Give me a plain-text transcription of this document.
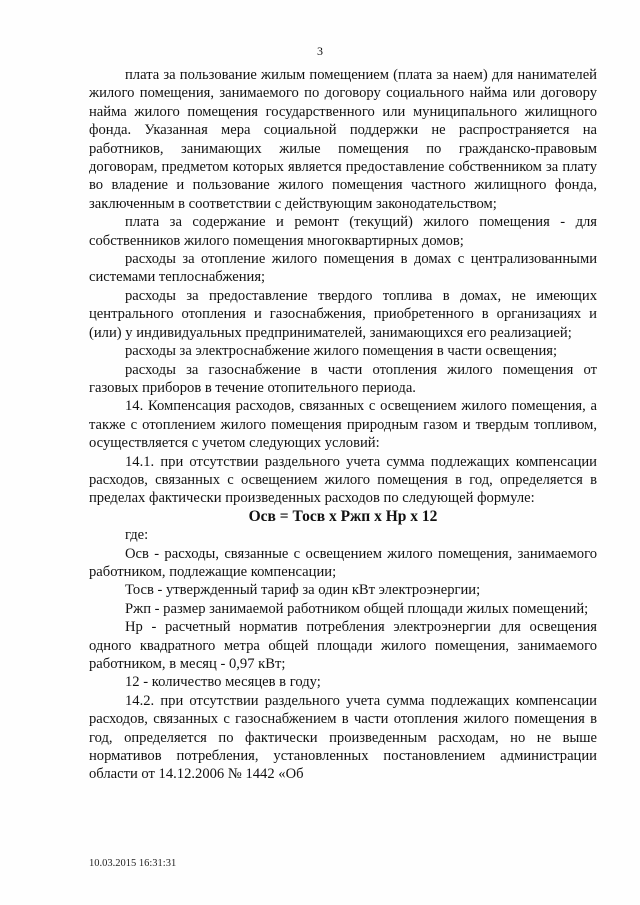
3

плата за пользование жилым помещением (плата за наем) для нанимателей жилого помещения, занимаемого по договору социального найма или договору найма жилого помещения государственного или муниципального жилищного фонда. Указанная мера социальной поддержки не распространяется на работников, занимающих жилые помещения по гражданско-правовым договорам, предметом которых является предоставление собственником за плату во владение и пользование жилого помещения частного жилищного фонда, заключенным в соответствии с действующим законодательством;

плата за содержание и ремонт (текущий) жилого помещения - для собственников жилого помещения многоквартирных домов;

расходы за отопление жилого помещения в домах с централизованными системами теплоснабжения;

расходы за предоставление твердого топлива в домах, не имеющих центрального отопления и газоснабжения, приобретенного в организациях и (или) у индивидуальных предпринимателей, занимающихся его реализацией;

расходы за электроснабжение жилого помещения в части освещения;

расходы за газоснабжение в части отопления жилого помещения от газовых приборов в течение отопительного периода.

14. Компенсация расходов, связанных с освещением жилого помещения, а также с отоплением жилого помещения природным газом и твердым топливом, осуществляется с учетом следующих условий:

14.1. при отсутствии раздельного учета сумма подлежащих компенсации расходов, связанных с освещением жилого помещения в год, определяется в пределах фактически произведенных расходов по следующей формуле:

Осв = Тосв х Ржп х Нр х 12

где:

Осв - расходы, связанные с освещением жилого помещения, занимаемого работником, подлежащие компенсации;

Тосв - утвержденный тариф за один кВт электроэнергии;

Ржп - размер занимаемой работником общей площади жилых помещений;

Нр - расчетный норматив потребления электроэнергии для освещения одного квадратного метра общей площади жилого помещения, занимаемого работником, в месяц - 0,97 кВт;

12 - количество месяцев в году;

14.2. при отсутствии раздельного учета сумма подлежащих компенсации расходов, связанных с газоснабжением в части отопления жилого помещения в год, определяется по фактически произведенным расходам, но не выше нормативов потребления, установленных постановлением администрации области от 14.12.2006 № 1442 «Об

10.03.2015 16:31:31
